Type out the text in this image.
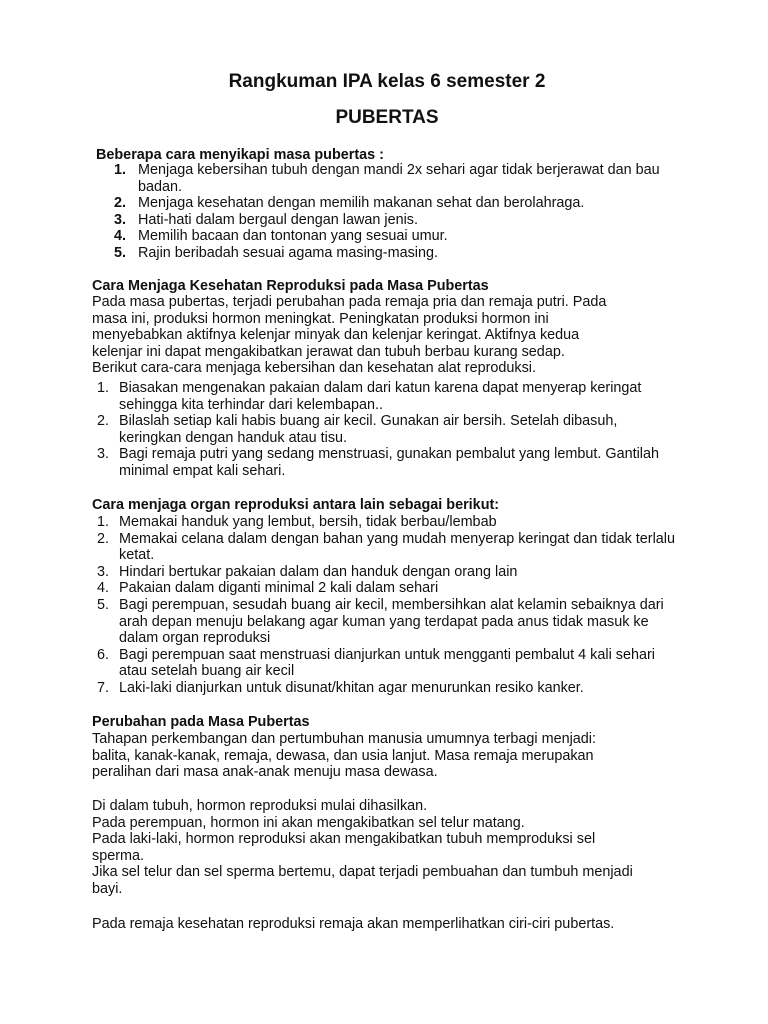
Rangkuman IPA kelas 6 semester 2
PUBERTAS
Beberapa cara menyikapi masa pubertas :
1. Menjaga kebersihan tubuh dengan mandi 2x sehari agar tidak berjerawat dan bau badan.
2. Menjaga kesehatan dengan memilih makanan sehat dan berolahraga.
3. Hati-hati dalam bergaul dengan lawan jenis.
4. Memilih bacaan dan tontonan yang sesuai umur.
5. Rajin beribadah sesuai agama masing-masing.
Cara Menjaga Kesehatan Reproduksi pada Masa Pubertas
Pada masa pubertas, terjadi perubahan pada remaja pria dan remaja putri. Pada
masa ini, produksi hormon meningkat. Peningkatan produksi hormon ini
menyebabkan aktifnya kelenjar minyak dan kelenjar keringat. Aktifnya kedua
kelenjar ini dapat mengakibatkan jerawat dan tubuh berbau kurang sedap.
Berikut cara-cara menjaga kebersihan dan kesehatan alat reproduksi.
1. Biasakan mengenakan pakaian dalam dari katun karena dapat menyerap keringat sehingga kita terhindar dari kelembapan..
2. Bilaslah setiap kali habis buang air kecil. Gunakan air bersih. Setelah dibasuh, keringkan dengan handuk atau tisu.
3. Bagi remaja putri yang sedang menstruasi, gunakan pembalut yang lembut. Gantilah minimal empat kali sehari.
Cara menjaga organ reproduksi antara lain sebagai berikut:
1. Memakai handuk yang lembut, bersih, tidak berbau/lembab
2. Memakai celana dalam dengan bahan yang mudah menyerap keringat dan tidak terlalu ketat.
3. Hindari bertukar pakaian dalam dan handuk dengan orang lain
4. Pakaian dalam diganti minimal 2 kali dalam sehari
5. Bagi perempuan, sesudah buang air kecil, membersihkan alat kelamin sebaiknya dari arah depan menuju belakang agar kuman yang terdapat pada anus tidak masuk ke dalam organ reproduksi
6. Bagi perempuan saat menstruasi dianjurkan untuk mengganti pembalut 4 kali sehari atau setelah buang air kecil
7. Laki-laki dianjurkan untuk disunat/khitan agar menurunkan resiko kanker.
Perubahan pada Masa Pubertas
Tahapan perkembangan dan pertumbuhan manusia umumnya terbagi menjadi:
balita, kanak-kanak, remaja, dewasa, dan usia lanjut. Masa remaja merupakan
peralihan dari masa anak-anak menuju masa dewasa.
Di dalam tubuh, hormon reproduksi mulai dihasilkan.
Pada perempuan, hormon ini akan mengakibatkan sel telur matang.
Pada laki-laki, hormon reproduksi akan mengakibatkan tubuh memproduksi sel
sperma.
Jika sel telur dan sel sperma bertemu, dapat terjadi pembuahan dan tumbuh menjadi
bayi.
Pada remaja kesehatan reproduksi remaja akan memperlihatkan ciri-ciri pubertas.
